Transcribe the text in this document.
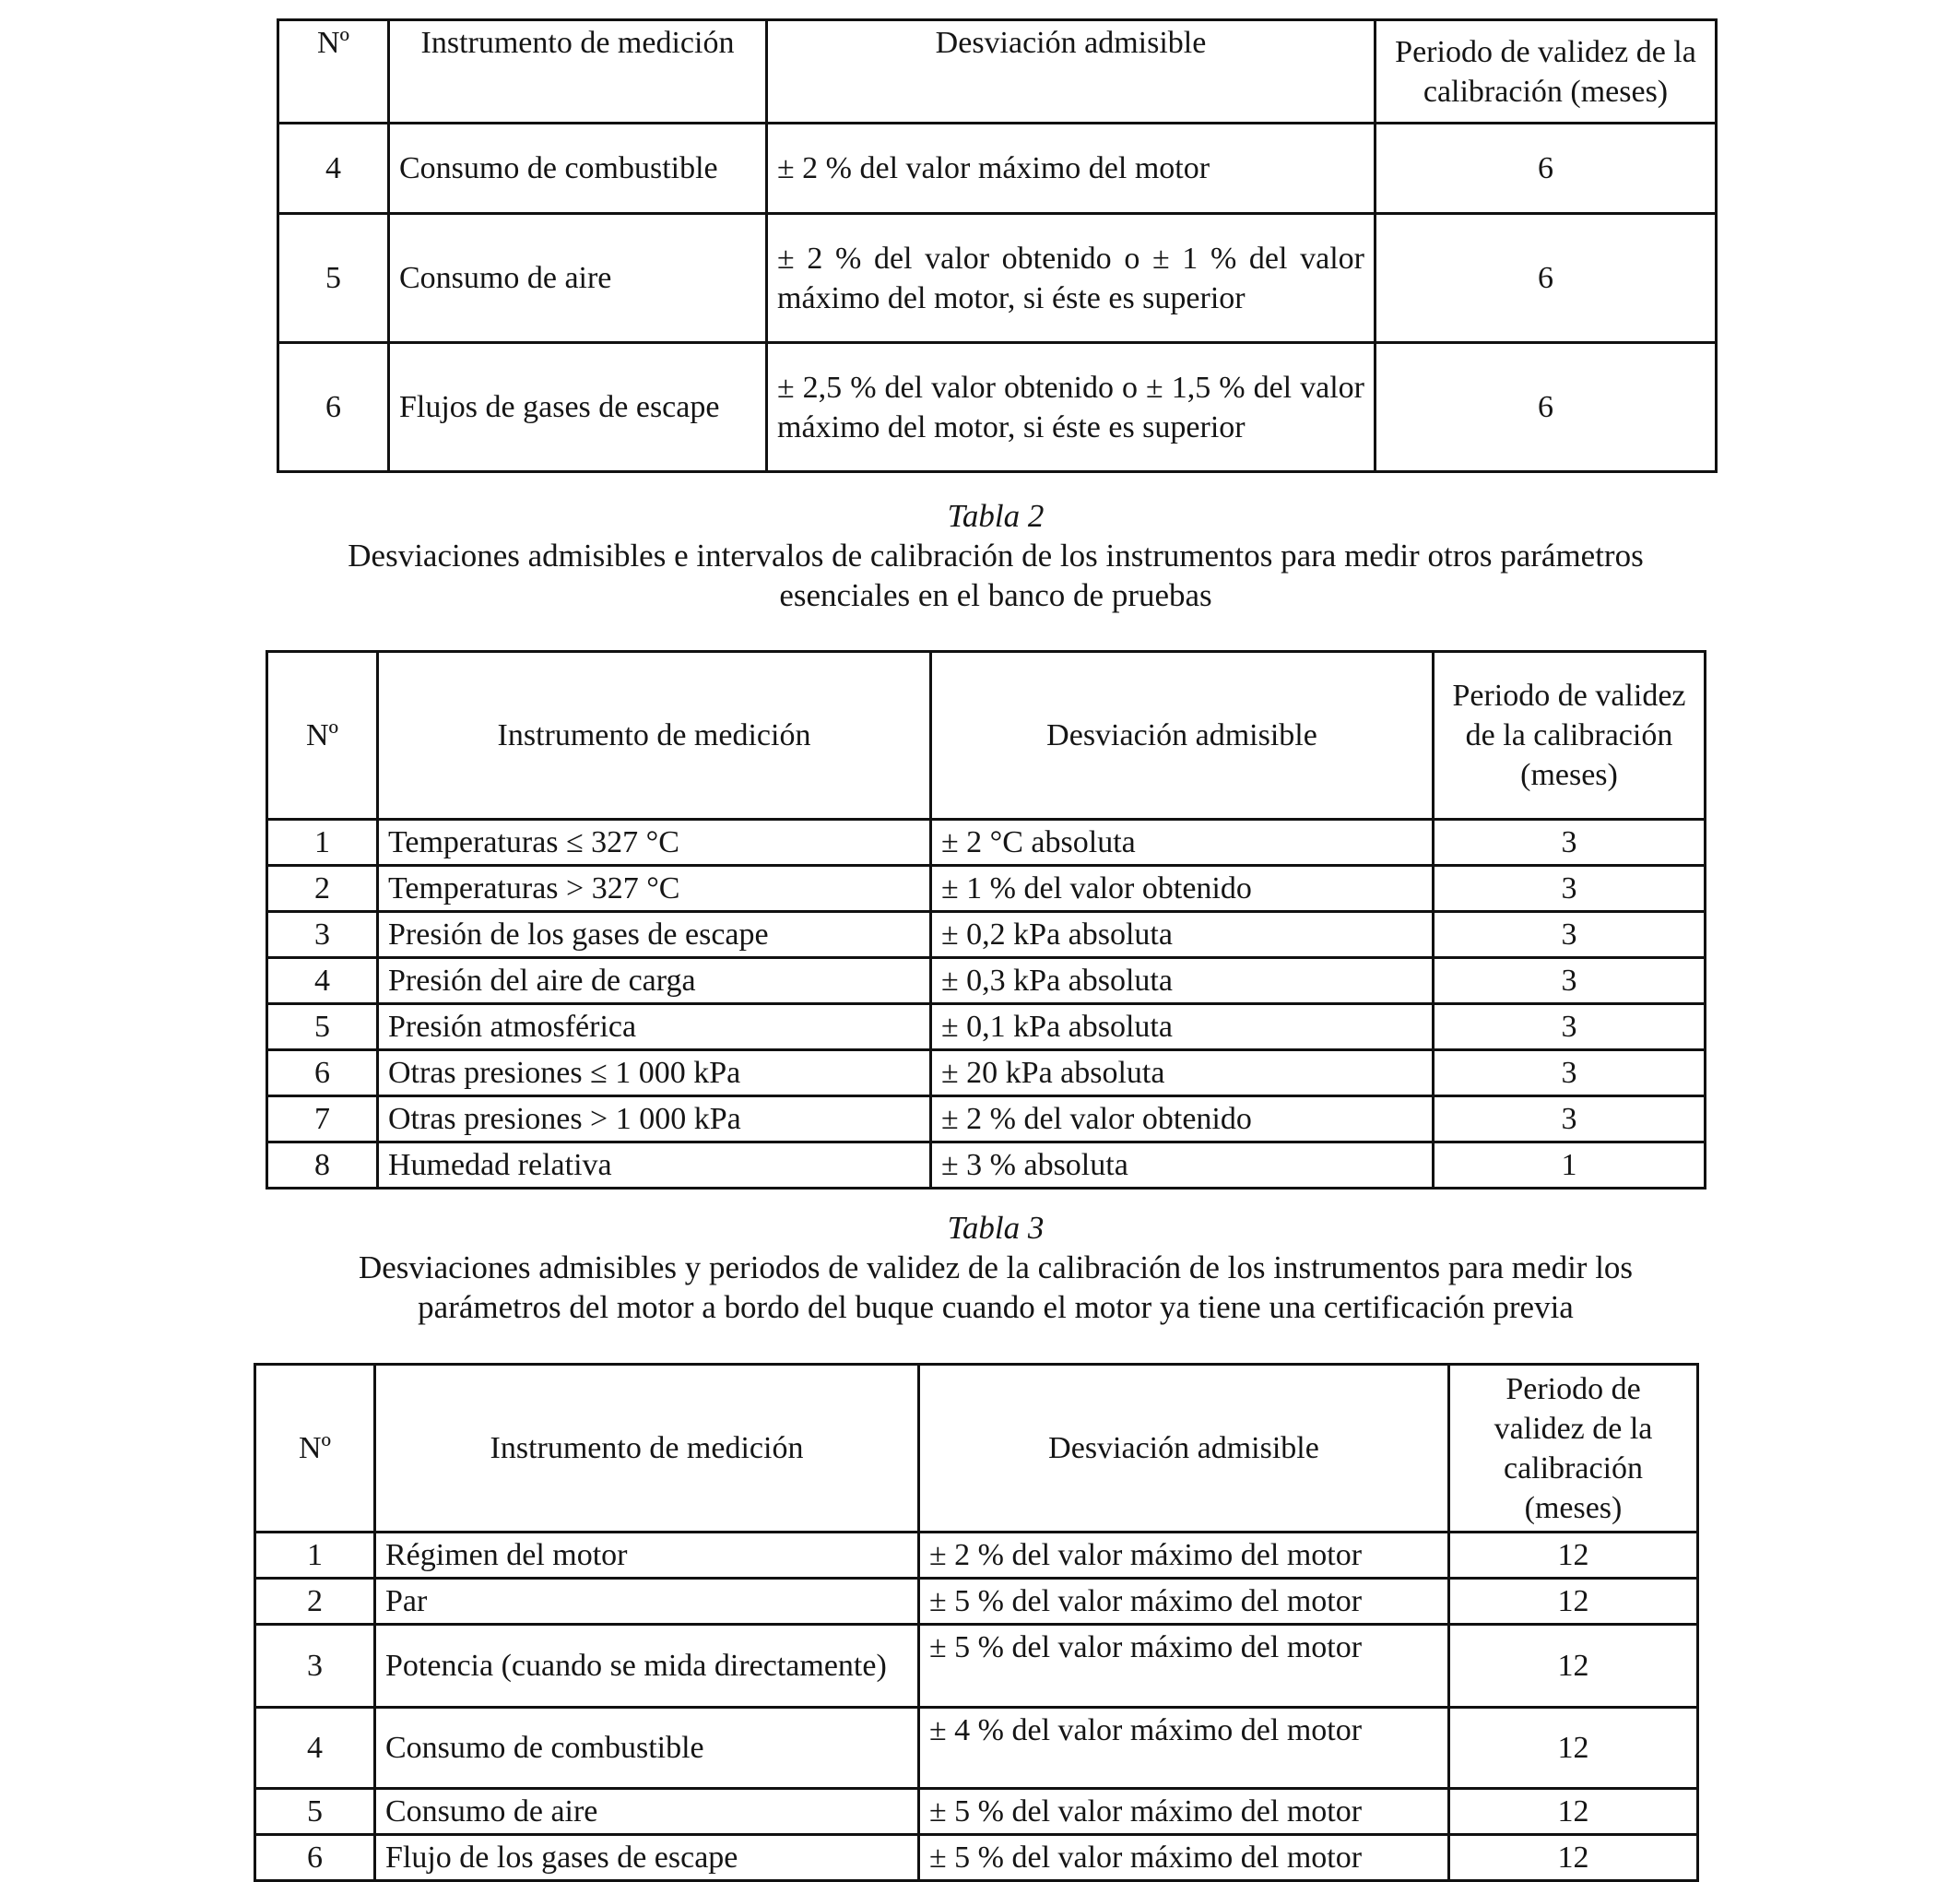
Nº	Instrumento de medición	Desviación admisible	Periodo de validez de la calibración (meses)
4	Consumo de combustible	± 2 % del valor máximo del motor	6
5	Consumo de aire	± 2 % del valor obtenido o ± 1 % del valor máximo del motor, si éste es superior	6
6	Flujos de gases de escape	± 2,5 % del valor obtenido o ± 1,5 % del valor máximo del motor, si éste es superior	6
Tabla 2
Desviaciones admisibles e intervalos de calibración de los instrumentos para medir otros parámetros esenciales en el banco de pruebas
Nº	Instrumento de medición	Desviación admisible	Periodo de validez de la calibración (meses)
1	Temperaturas ≤ 327 °C	± 2 °C absoluta	3
2	Temperaturas > 327 °C	± 1 % del valor obtenido	3
3	Presión de los gases de escape	± 0,2 kPa absoluta	3
4	Presión del aire de carga	± 0,3 kPa absoluta	3
5	Presión atmosférica	± 0,1 kPa absoluta	3
6	Otras presiones ≤ 1 000 kPa	± 20 kPa absoluta	3
7	Otras presiones > 1 000 kPa	± 2 % del valor obtenido	3
8	Humedad relativa	± 3 % absoluta	1
Tabla 3
Desviaciones admisibles y periodos de validez de la calibración de los instrumentos para medir los parámetros del motor a bordo del buque cuando el motor ya tiene una certificación previa
Nº	Instrumento de medición	Desviación admisible	Periodo de validez de la calibración (meses)
1	Régimen del motor	± 2 % del valor máximo del motor	12
2	Par	± 5 % del valor máximo del motor	12
3	Potencia (cuando se mida directamente)	± 5 % del valor máximo del motor	12
4	Consumo de combustible	± 4 % del valor máximo del motor	12
5	Consumo de aire	± 5 % del valor máximo del motor	12
6	Flujo de los gases de escape	± 5 % del valor máximo del motor	12
